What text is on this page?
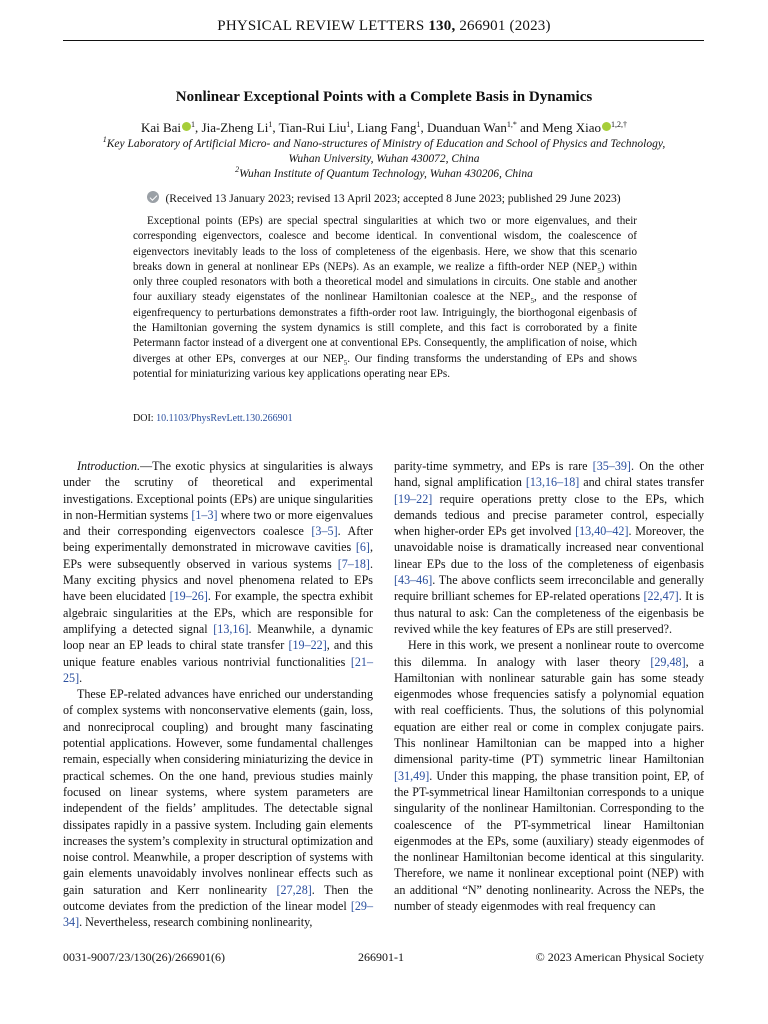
PHYSICAL REVIEW LETTERS 130, 266901 (2023)
Nonlinear Exceptional Points with a Complete Basis in Dynamics
Kai Bai $^1$, Jia-Zheng Li$^1$, Tian-Rui Liu$^1$, Liang Fang$^1$, Duanduan Wan$^{1,*}$ and Meng Xiao $^{1,2,\dagger}$
$^1$Key Laboratory of Artificial Micro- and Nano-structures of Ministry of Education and School of Physics and Technology,
Wuhan University, Wuhan 430072, China
$^2$Wuhan Institute of Quantum Technology, Wuhan 430206, China
(Received 13 January 2023; revised 13 April 2023; accepted 8 June 2023; published 29 June 2023)
Exceptional points (EPs) are special spectral singularities at which two or more eigenvalues, and their corresponding eigenvectors, coalesce and become identical. In conventional wisdom, the coalescence of eigenvectors inevitably leads to the loss of completeness of the eigenbasis. Here, we show that this scenario breaks down in general at nonlinear EPs (NEPs). As an example, we realize a fifth-order NEP $(NEP_5)$ within only three coupled resonators with both a theoretical model and simulations in circuits. One stable and another four auxiliary steady eigenstates of the nonlinear Hamiltonian coalesce at the $NEP_5$, and the response of eigenfrequency to perturbations demonstrates a fifth-order root law. Intriguingly, the biorthogonal eigenbasis of the Hamiltonian governing the system dynamics is still complete, and this fact is corroborated by a finite Petermann factor instead of a divergent one at conventional EPs. Consequently, the amplification of noise, which diverges at other EPs, converges at our $NEP_5$. Our finding transforms the understanding of EPs and shows potential for miniaturizing various key applications operating near EPs.
DOI: 10.1103/PhysRevLett.130.266901

Introduction.—The exotic physics at singularities is always under the scrutiny of theoretical and experimental investigations. Exceptional points (EPs) are unique singularities in non-Hermitian systems [1–3] where two or more eigenvalues and their corresponding eigenvectors coalesce [3–5]. After being experimentally demonstrated in microwave cavities [6], EPs were subsequently observed in various systems [7–18]. Many exciting physics and novel phenomena related to EPs have been elucidated [19–26]. For example, the spectra exhibit algebraic singularities at the EPs, which are responsible for amplifying a detected signal [13,16]. Meanwhile, a dynamic loop near an EP leads to chiral state transfer [19–22], and this unique feature enables various nontrivial functionalities [21–25].

These EP-related advances have enriched our understanding of complex systems with nonconservative elements (gain, loss, and nonreciprocal coupling) and brought many fascinating potential applications. However, some fundamental challenges remain, especially when considering miniaturizing the device in practical schemes. On the one hand, previous studies mainly focused on linear systems, where system parameters are independent of the fields’ amplitudes. The detectable signal dissipates rapidly in a passive system. Including gain elements increases the system’s complexity in structural optimization and noise control. Meanwhile, a proper description of systems with gain elements unavoidably involves nonlinear effects such as gain saturation and Kerr nonlinearity [27,28]. Then the outcome deviates from the prediction of the linear model [29–34]. Nevertheless, research combining nonlinearity,

parity-time symmetry, and EPs is rare [35–39]. On the other hand, signal amplification [13,16–18] and chiral states transfer [19–22] require operations pretty close to the EPs, which demands tedious and precise parameter control, especially when higher-order EPs get involved [13,40–42]. Moreover, the unavoidable noise is dramatically increased near conventional linear EPs due to the loss of the completeness of eigenbasis [43–46]. The above conflicts seem irreconcilable and generally require brilliant schemes for EP-related operations [22,47]. It is thus natural to ask: Can the completeness of the eigenbasis be revived while the key features of EPs are still preserved?.

Here in this work, we present a nonlinear route to overcome this dilemma. In analogy with laser theory [29,48], a Hamiltonian with nonlinear saturable gain has some steady eigenmodes whose frequencies satisfy a polynomial equation with real coefficients. Thus, the solutions of this polynomial equation are either real or come in complex conjugate pairs. This nonlinear Hamiltonian can be mapped into a higher dimensional parity-time (PT) symmetric linear Hamiltonian [31,49]. Under this mapping, the phase transition point, EP, of the PT-symmetrical linear Hamiltonian corresponds to a unique singularity of the nonlinear Hamiltonian. Corresponding to the coalescence of the PT-symmetrical linear Hamiltonian eigenmodes at the EPs, some (auxiliary) steady eigenmodes of the nonlinear Hamiltonian become identical at this singularity. Therefore, we name it nonlinear exceptional point (NEP) with an additional “N” denoting nonlinearity. Across the NEPs, the number of steady eigenmodes with real frequency can

0031-9007/23/130(26)/266901(6)	266901-1	© 2023 American Physical Society
